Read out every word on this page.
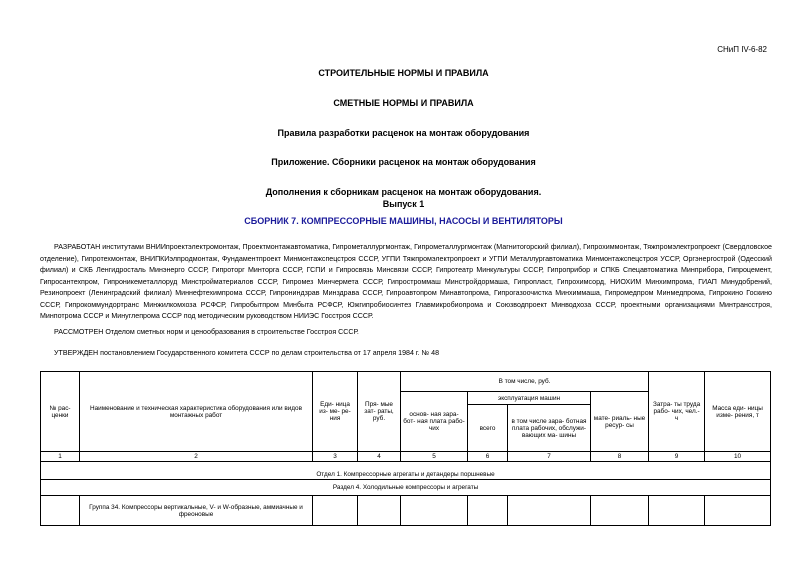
СНиП IV-6-82
СТРОИТЕЛЬНЫЕ НОРМЫ И ПРАВИЛА
СМЕТНЫЕ НОРМЫ И ПРАВИЛА
Правила разработки расценок на монтаж оборудования
Приложение. Сборники расценок на монтаж оборудования
Дополнения к сборникам расценок на монтаж оборудования.
Выпуск 1
СБОРНИК 7. КОМПРЕССОРНЫЕ МАШИНЫ, НАСОСЫ И ВЕНТИЛЯТОРЫ
РАЗРАБОТАН институтами ВНИИпроектэлектромонтаж, Проектмонтажавтоматика, Гипрометаллургмонтаж, Гипрометаллургмонтаж (Магнитогорский филиал), Гипрохиммонтаж, Тяжпромэлектропроект (Свердловское отделение), Гипротехмонтаж, ВНИПКИэлпродмонтаж, Фундаментпроект Минмонтажспецстроя СССР, УГПИ Тяжпромэлектропроект и УГПИ Металлургавтоматика Минмонтажспецстроя УССР, Оргэнергострой (Одесский филиал) и СКБ Ленгидросталь Минэнерго СССР, Гипроторг Минторга СССР, ГСПИ и Гипросвязь Минсвязи СССР, Гипротеатр Минкультуры СССР, Гипроприбор и СПКБ Спецавтоматика Минприбора, Гипроцемент, Гипросантехпром, Гипроникеметаллоруд Минстройматериалов СССР, Гипромез Минчермета СССР, Гипростроммаш Минстройдормаша, Гипропласт, Гипрохимсорд, НИОХИМ Минхимпрома, ГИАП Минудобрений, Резинопроект (Ленинградский филиал) Миннефтехимпрома СССР, Гипрониндзрав Минздрава СССР, Гипроавтопром Минавтопрома, Гипрогазоочистка Минхиммаша, Гипромедпром Минмедпрома, Гипрокино Госкино СССР, Гипрокоммундортранс Минжилкомхоза РСФСР, Гипробытпром Минбыта РСФСР, Южгипробиосинтез Главмикробиопрома и Союзводпроект Минводхоза СССР, проектными организациями Минтрансстроя, Минпотрома СССР и Минуглепрома СССР под методическим руководством НИИЭС Госстроя СССР.
РАССМОТРЕН Отделом сметных норм и ценообразования в строительстве Госстроя СССР.
УТВЕРЖДЕН постановлением Государственного комитета СССР по делам строительства от 17 апреля 1984 г. № 48
№ рас- ценки	Наименование и техническая характеристика оборудования или видов монтажных работ	Еди- ница из- ме- ре- ния	Пря- мые зат- раты, руб.	В том числе, руб.				Затра- ты труда рабо- чих, чел.- ч	Масса еди- ницы изме- рения, т
				основ- ная зара- бот- ная плата рабо- чих	эксплуатация машин		мате- риаль- ные ресур- сы		
					всего	в том числе зара- ботная плата рабочих, обслужи- вающих ма- шины			
1	2	3	4	5	6	7	8	9	10
Отдел 1. Компрессорные агрегаты и детандеры поршневые									
Раздел 4. Холодильные компрессоры и агрегаты									
	Группа 34. Компрессоры вертикальные, V- и W-образные, аммиачные и фреоновые								
